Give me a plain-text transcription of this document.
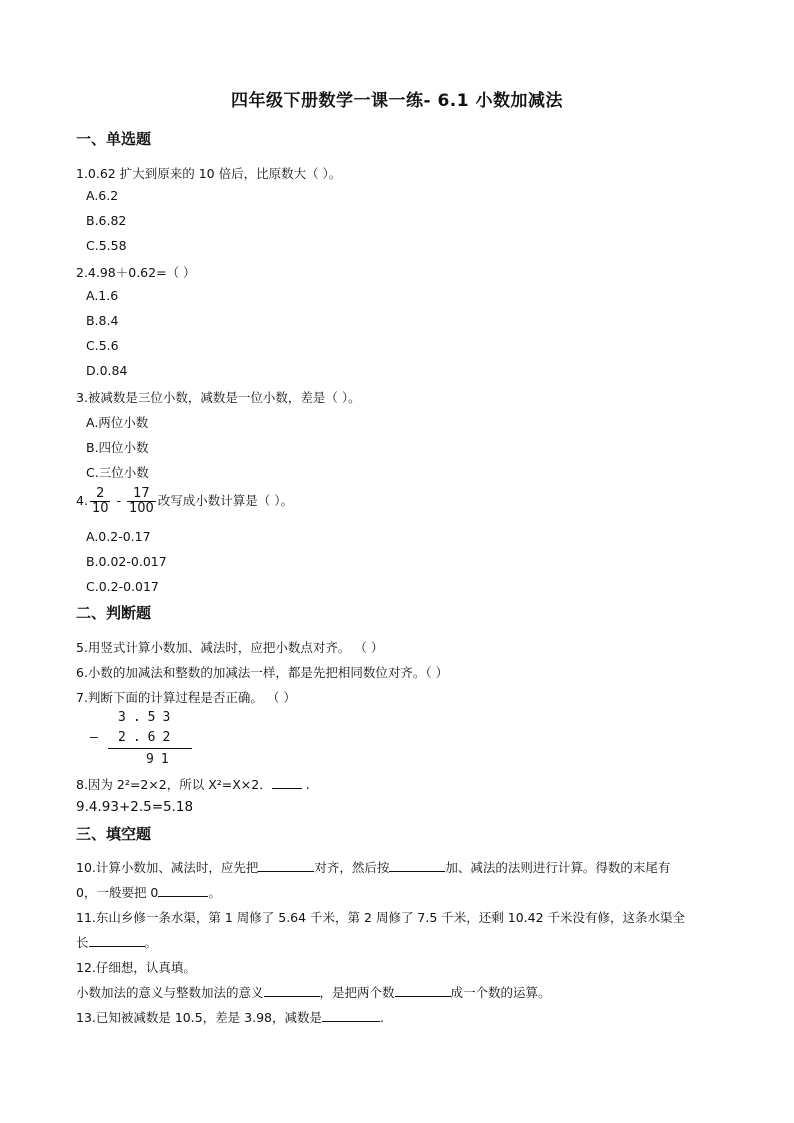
四年级下册数学一课一练- 6.1 小数加减法
一、单选题
1.0.62 扩大到原来的 10 倍后，比原数大（ ）。
A.6.2
B.6.82
C.5.58
2.4.98＋0.62=（ ）
A.1.6
B.8.4
C.5.6
D.0.84
3.被减数是三位小数，减数是一位小数，差是（ ）。
A.两位小数
B.四位小数
C.三位小数
4. $\frac{2}{10} - \frac{17}{100}$ 改写成小数计算是（ ）。
A.0.2-0.17
B.0.02-0.017
C.0.2-0.017
二、判断题
5.用竖式计算小数加、减法时，应把小数点对齐。 （ ）
6.小数的加减法和整数的加减法一样，都是先把相同数位对齐。（ ）
7.判断下面的计算过程是否正确。 （ ）
3.53
— 2.62
91
8.因为 2²=2×2，所以 X²=X×2． .
9.4.93+2.5=5.18
三、填空题
10.计算小数加、减法时，应先把	对齐，然后按	加、减法的法则进行计算。得数的末尾有
0，一般要把 0	。
11.东山乡修一条水渠，第 1 周修了 5.64 千米，第 2 周修了 7.5 千米，还剩 10.42 千米没有修，这条水渠全
长	。
12.仔细想，认真填。
小数加法的意义与整数加法的意义	，是把两个数	成一个数的运算。
13.已知被减数是 10.5，差是 3.98，减数是	.
